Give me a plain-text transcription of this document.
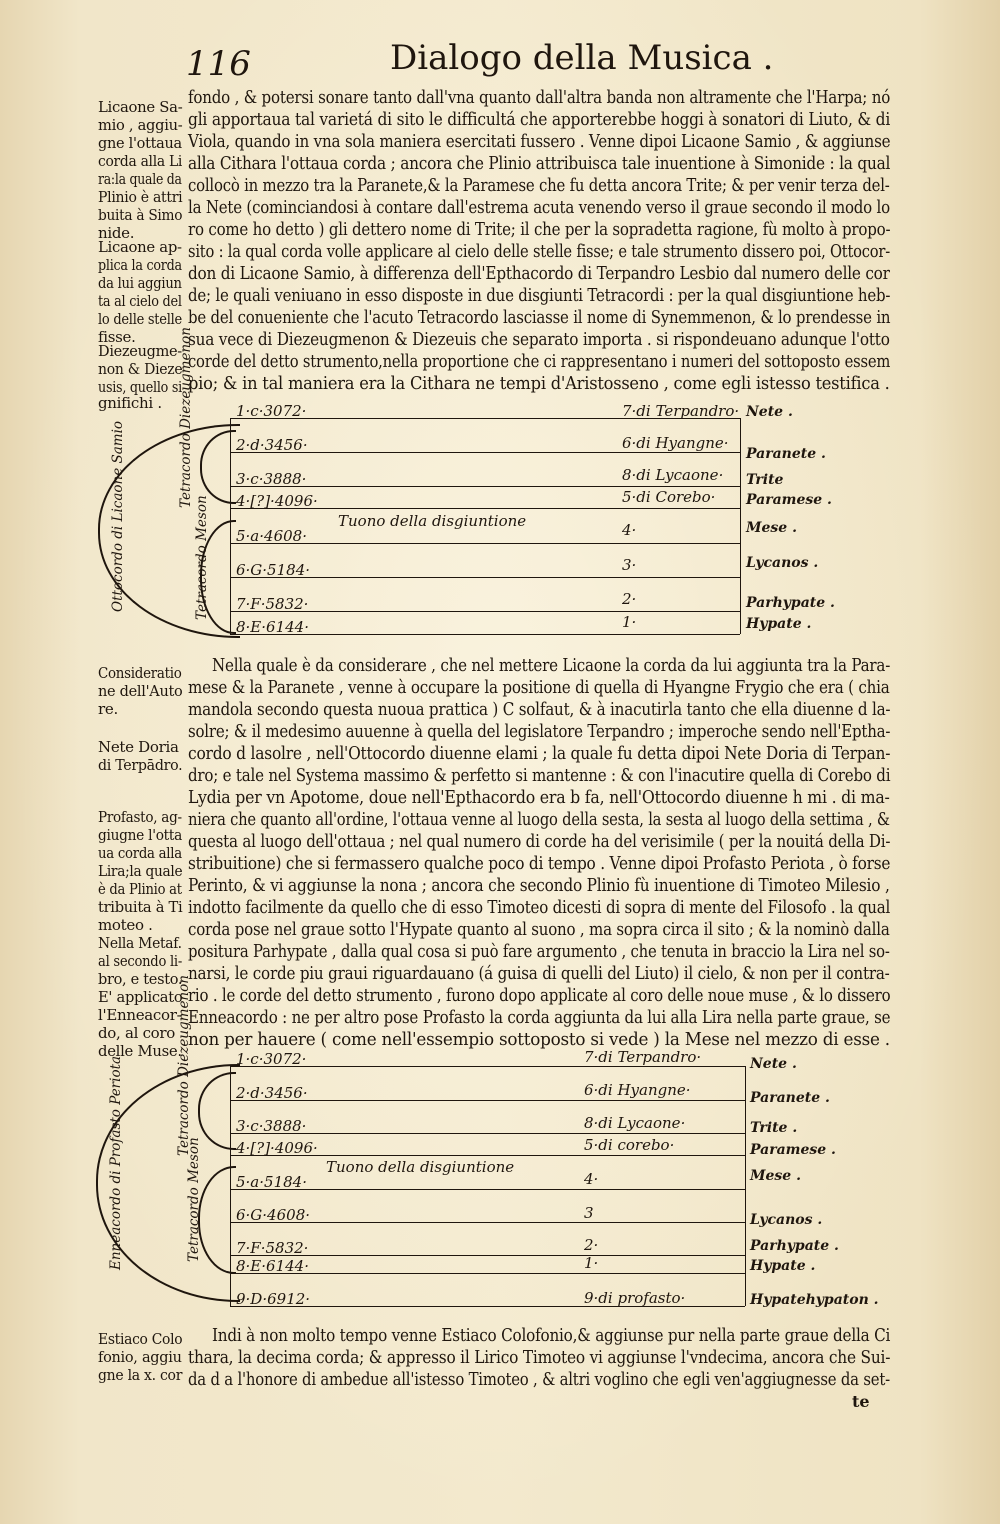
116	Dialogo della Musica .
Licaone Sa-
mio , aggiu-
gne l'ottaua
corda alla Li
ra:la quale da
Plinio è attri
buita à Simo
nide.
Licaone ap-
plica la corda
da lui aggiun
ta al cielo del
lo delle stelle
fisse.
Diezeugme-
non & Dieze
usis, quello si
gnifichi .
fondo , & potersi sonare tanto dall'vna quanto dall'altra banda non altramente che l'Harpa; nó
gli apportaua tal varietá di sito le difficultá che apporterebbe hoggi à sonatori di Liuto, & di
Viola, quando in vna sola maniera esercitati fussero . Venne dipoi Licaone Samio , & aggiunse
alla Cithara l'ottaua corda ; ancora che Plinio attribuisca tale inuentione à Simonide : la qual
collocò in mezzo tra la Paranete,& la Paramese che fu detta ancora Trite; & per venir terza del-
la Nete (cominciandosi à contare dall'estrema acuta venendo verso il graue secondo il modo lo
ro come ho detto ) gli dettero nome di Trite; il che per la sopradetta ragione, fù molto à propo-
sito : la qual corda volle applicare al cielo delle stelle fisse; e tale strumento dissero poi, Ottocor-
don di Licaone Samio, à differenza dell'Epthacordo di Terpandro Lesbio dal numero delle cor
de; le quali veniuano in esso disposte in due disgiunti Tetracordi : per la qual disgiuntione heb-
be del conueniente che l'acuto Tetracordo lasciasse il nome di Synemmenon, & lo prendesse in
sua vece di Diezeugmenon & Diezeuis che separato importa . si rispondeuano adunque l'otto
corde del detto strumento,nella proportione che ci rappresentano i numeri del sottoposto essem
pio; & in tal maniera era la Cithara ne tempi d'Aristosseno , come egli istesso testifica .
Ottocordo di Licaone Samio
Tetracordo Diezeugmenon
Tetracordo Meson
1·c·3072·
2·d·3456·
3·c·3888·
4·[?]·4096·
5·a·4608·
6·G·5184·
7·F·5832·
8·E·6144·
Tuono della disgiuntione
7·di Terpandro·
6·di Hyangne·
8·di Lycaone·
5·di Corebo·
4·
3·
2·
1·
Nete .
Paranete .
Trite
Paramese .
Mese .
Lycanos .
Parhypate .
Hypate .
Consideratio
ne dell'Auto
re.
Nete Doria
di Terpādro.
Profasto, ag-
giugne l'otta
ua corda alla
Lira;la quale
è da Plinio at
tribuita à Ti
moteo .
Nella Metaf.
al secondo li-
bro, e testo.
E' applicato
l'Enneacor-
do, al coro
delle Muse.
Nella quale è da considerare , che nel mettere Licaone la corda da lui aggiunta tra la Para-
mese & la Paranete , venne à occupare la positione di quella di Hyangne Frygio che era ( chia
mandola secondo questa nuoua prattica ) C solfaut, & à inacutirla tanto che ella diuenne d la-
solre; & il medesimo auuenne à quella del legislatore Terpandro ; imperoche sendo nell'Eptha-
cordo d lasolre , nell'Ottocordo diuenne elami ; la quale fu detta dipoi Nete Doria di Terpan-
dro; e tale nel Systema massimo & perfetto si mantenne : & con l'inacutire quella di Corebo di
Lydia per vn Apotome, doue nell'Epthacordo era b fa, nell'Ottocordo diuenne h mi . di ma-
niera che quanto all'ordine, l'ottaua venne al luogo della sesta, la sesta al luogo della settima , &
questa al luogo dell'ottaua ; nel qual numero di corde ha del verisimile ( per la nouitá della Di-
stribuitione) che si fermassero qualche poco di tempo . Venne dipoi Profasto Periota , ò forse
Perinto, & vi aggiunse la nona ; ancora che secondo Plinio fù inuentione di Timoteo Milesio ,
indotto facilmente da quello che di esso Timoteo dicesti di sopra di mente del Filosofo . la qual
corda pose nel graue sotto l'Hypate quanto al suono , ma sopra circa il sito ; & la nominò dalla
positura Parhypate , dalla qual cosa si può fare argumento , che tenuta in braccio la Lira nel so-
narsi, le corde piu graui riguardauano (á guisa di quelli del Liuto) il cielo, & non per il contra-
rio . le corde del detto strumento , furono dopo applicate al coro delle noue muse , & lo dissero
Enneacordo : ne per altro pose Profasto la corda aggiunta da lui alla Lira nella parte graue, se
non per hauere ( come nell'essempio sottoposto si vede ) la Mese nel mezzo di esse .
Enneacordo di Profasto Periota	Tetracordo Diezeugmenon
Tetracordo Meson
1·c·3072·
2·d·3456·
3·c·3888·
4·[?]·4096·
5·a·5184·
6·G·4608·
7·F·5832·
8·E·6144·
9·D·6912·
Tuono della disgiuntione
7·di Terpandro·
6·di Hyangne·
8·di Lycaone·
5·di corebo·
4·
3
2·
1·
9·di profasto·
Nete .
Paranete .
Trite .
Paramese .
Mese .
Lycanos .
Parhypate .
Hypate .
Hypatehypaton .
Estiaco Colo
fonio, aggiu
gne la x. cor
Indi à non molto tempo venne Estiaco Colofonio,& aggiunse pur nella parte graue della Ci
thara, la decima corda; & appresso il Lirico Timoteo vi aggiunse l'vndecima, ancora che Sui-
da d a l'honore di ambedue all'istesso Timoteo , & altri voglino che egli ven'aggiugnesse da set-
te
